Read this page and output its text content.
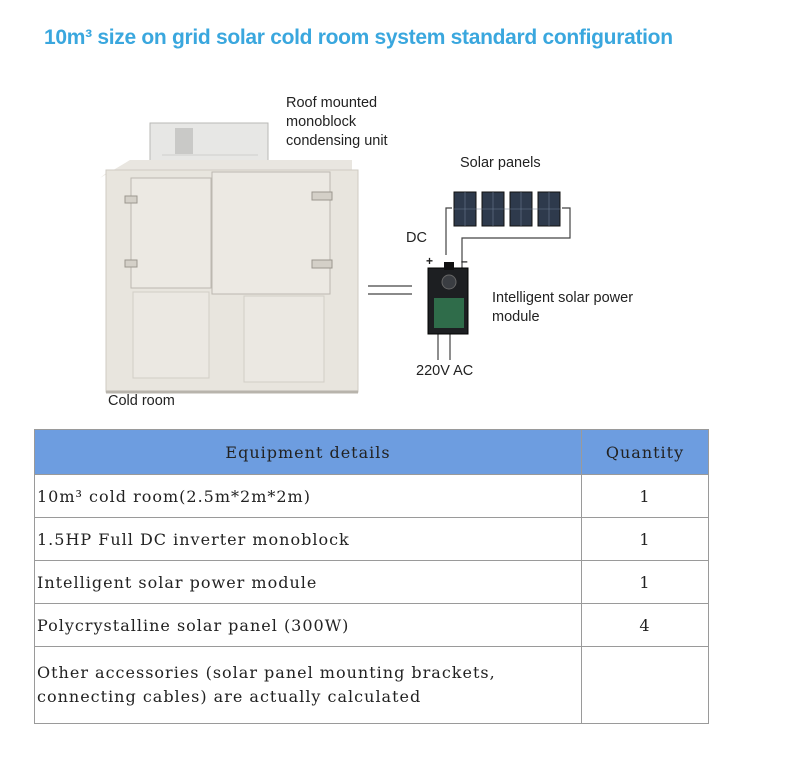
10m³ size on grid solar cold room system standard configuration
Roof mounted monoblock condensing unit
Solar panels
DC
+ –
Intelligent solar power module
220V AC
Cold room
Equipment details	Quantity
10m³ cold room(2.5m*2m*2m)	1
1.5HP Full DC inverter monoblock	1
Intelligent solar power module	1
Polycrystalline solar panel (300W)	4
Other accessories (solar panel mounting brackets, connecting cables) are actually calculated	
